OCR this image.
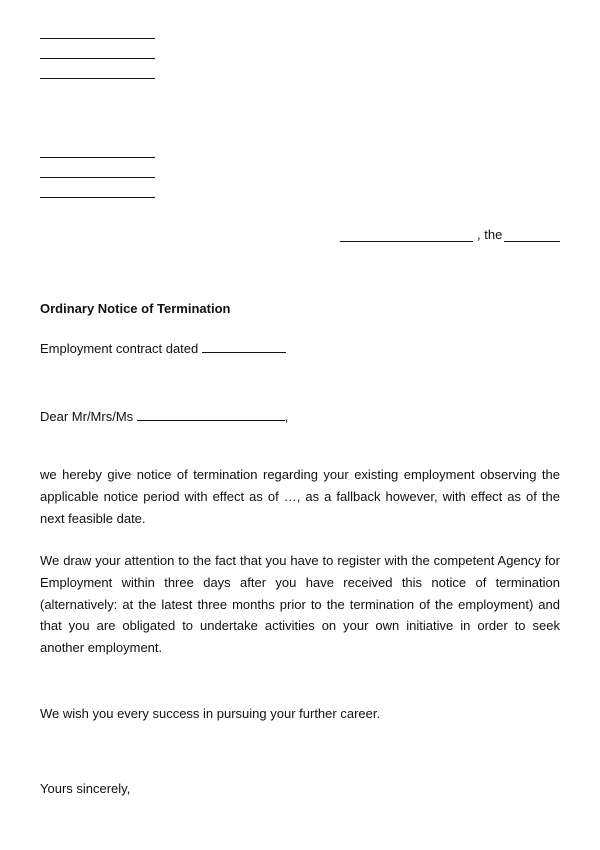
, the
Ordinary Notice of Termination
Employment contract dated
Dear Mr/Mrs/Ms	,

we hereby give notice of termination regarding your existing employment observing the applicable notice period with effect as of …, as a fallback however, with effect as of the next feasible date.

We draw your attention to the fact that you have to register with the competent Agency for Employment within three days after you have received this notice of termination (alternatively: at the latest three months prior to the termination of the employment) and that you are obligated to undertake activities on your own initiative in order to seek another employment.

We wish you every success in pursuing your further career.
Yours sincerely,
